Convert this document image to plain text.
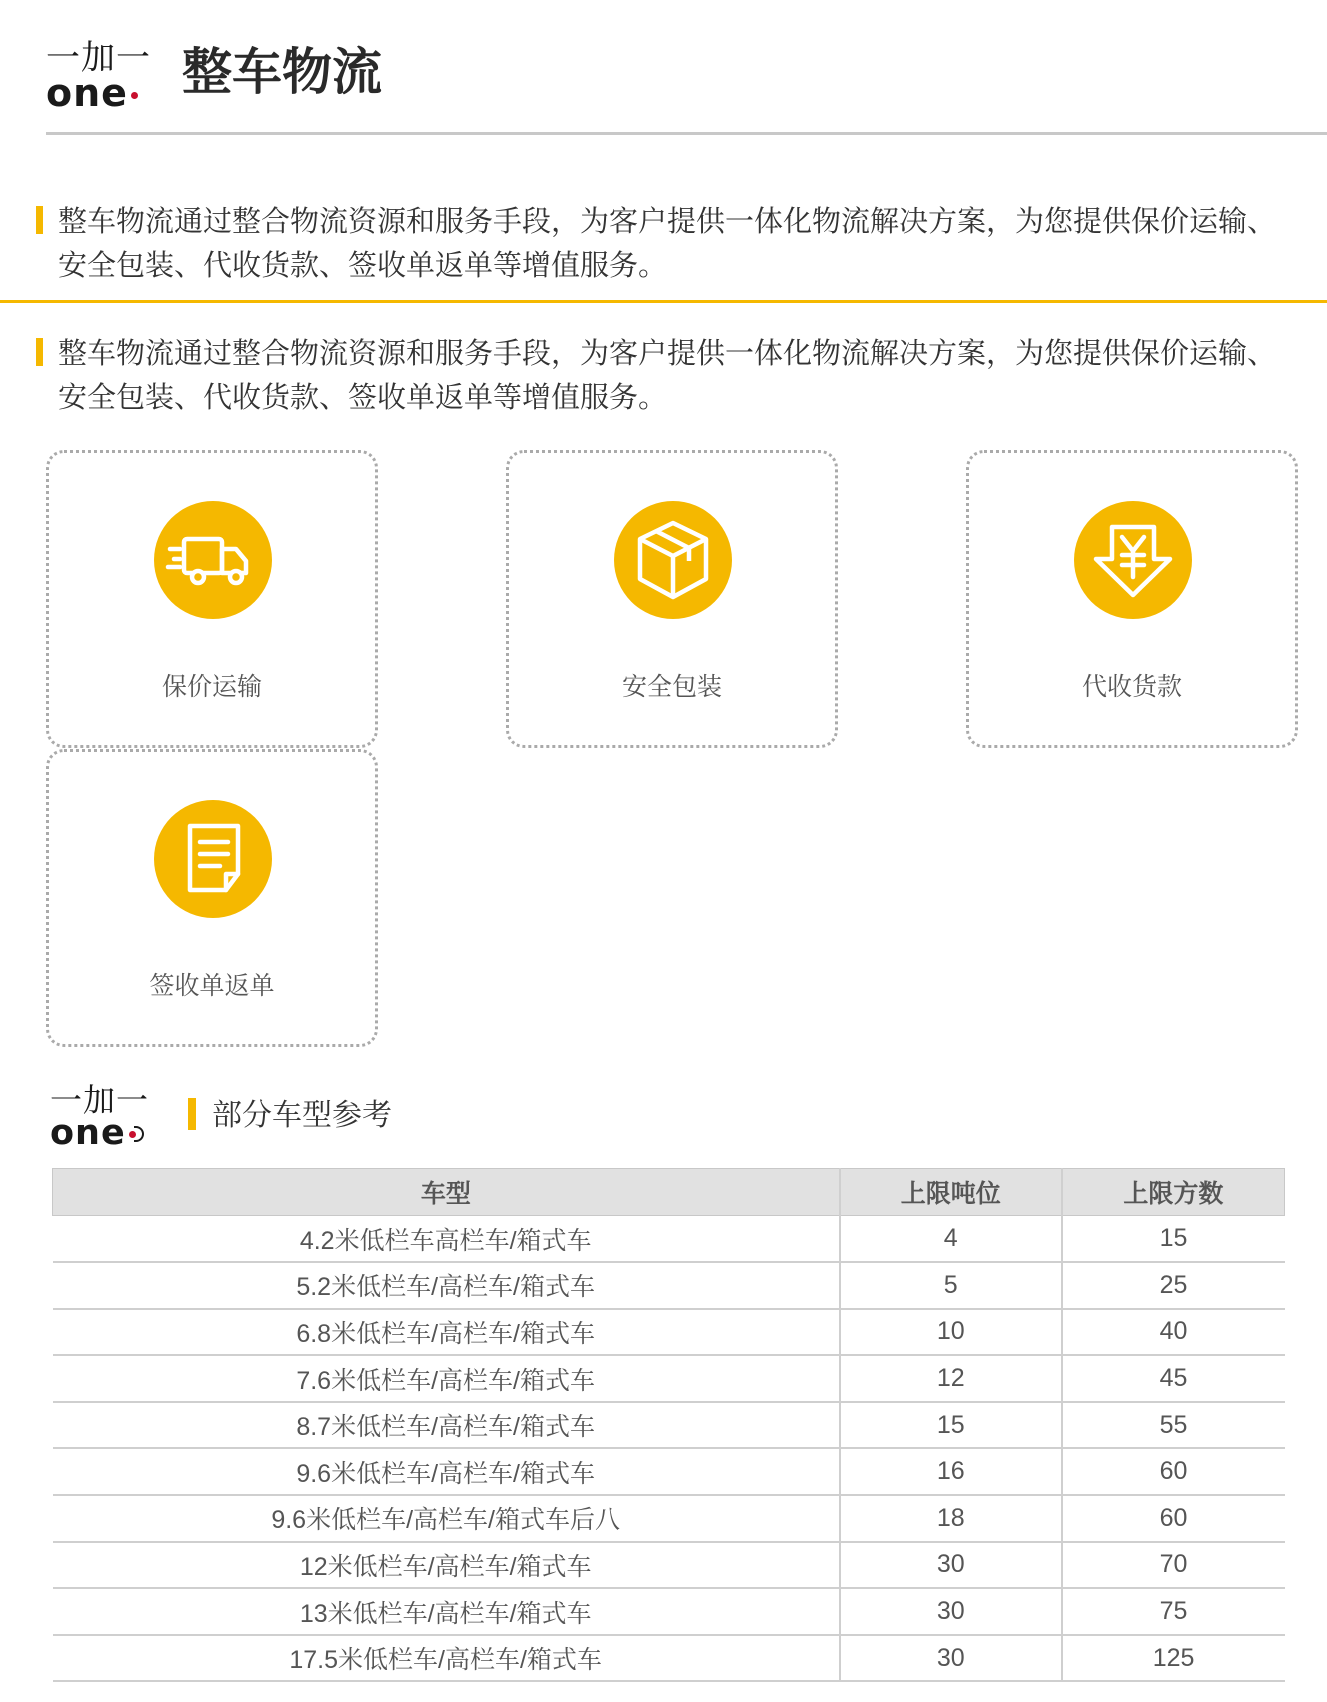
一加一
one	整车物流

整车物流通过整合物流资源和服务手段，为客户提供一体化物流解决方案，为您提供保价运输、安全包装、代收货款、签收单返单等增值服务。

整车物流通过整合物流资源和服务手段，为客户提供一体化物流解决方案，为您提供保价运输、安全包装、代收货款、签收单返单等增值服务。

保价运输	安全包装	代收货款
签收单返单
一加一
one	部分车型参考
车型	上限吨位	上限方数
4.2米低栏车高栏车/箱式车	4	15
5.2米低栏车/高栏车/箱式车	5	25
6.8米低栏车/高栏车/箱式车	10	40
7.6米低栏车/高栏车/箱式车	12	45
8.7米低栏车/高栏车/箱式车	15	55
9.6米低栏车/高栏车/箱式车	16	60
9.6米低栏车/高栏车/箱式车后八	18	60
12米低栏车/高栏车/箱式车	30	70
13米低栏车/高栏车/箱式车	30	75
17.5米低栏车/高栏车/箱式车	30	125
